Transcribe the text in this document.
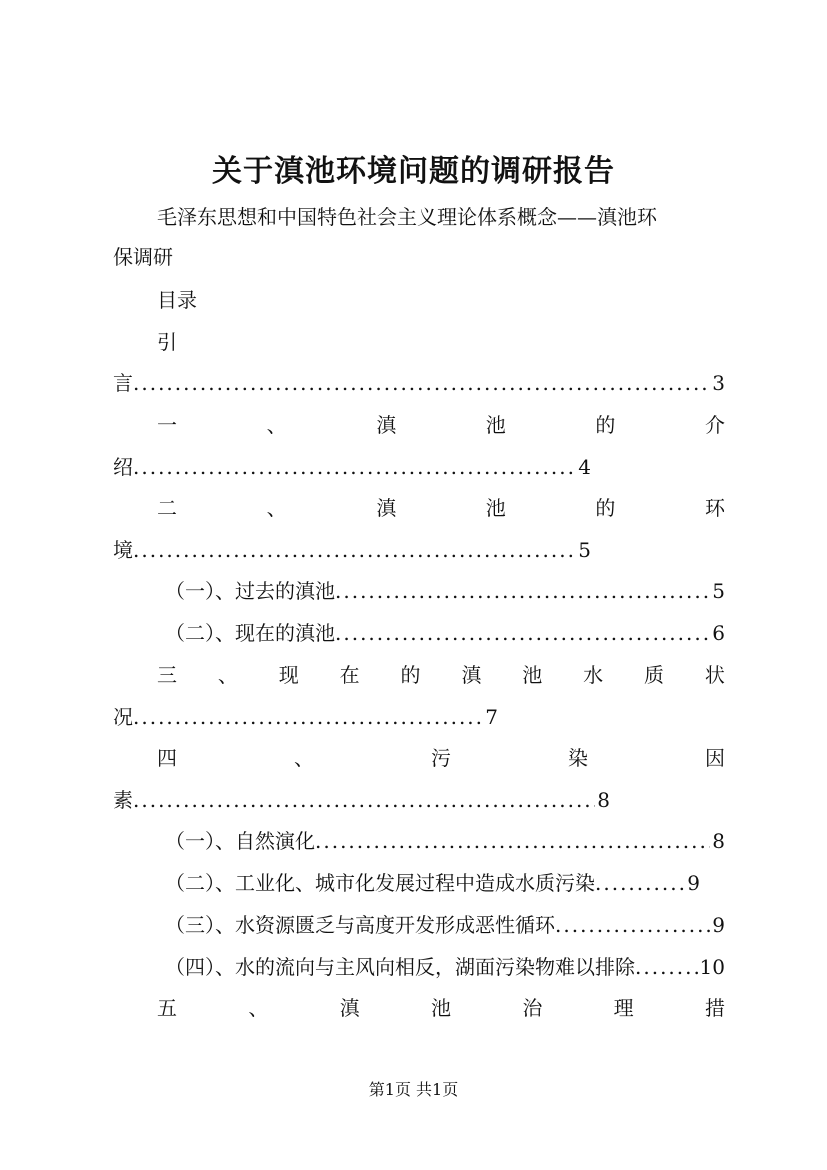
关于滇池环境问题的调研报告
毛泽东思想和中国特色社会主义理论体系概念——滇池环
保调研
目录
引
言 .....	3
一	、	滇	池	的	介
绍 .....	4
二	、	滇	池	的	环
境 .....	5
（一）、过去的滇池 .....	5
（二）、现在的滇池 .....	6
三 、 现 在 的 滇 池 水 质 状
况 .....	7
四	、	污	染	因
素 .....	8
（一）、自然演化 .....	8
（二）、工业化、城市化发展过程中造成水质污染 .....	9
（三）、水资源匮乏与高度开发形成恶性循环 .....	9
（四）、水的流向与主风向相反，湖面污染物难以排除 .....	10
五	、	滇	池	治	理	措
第1页 共1页
